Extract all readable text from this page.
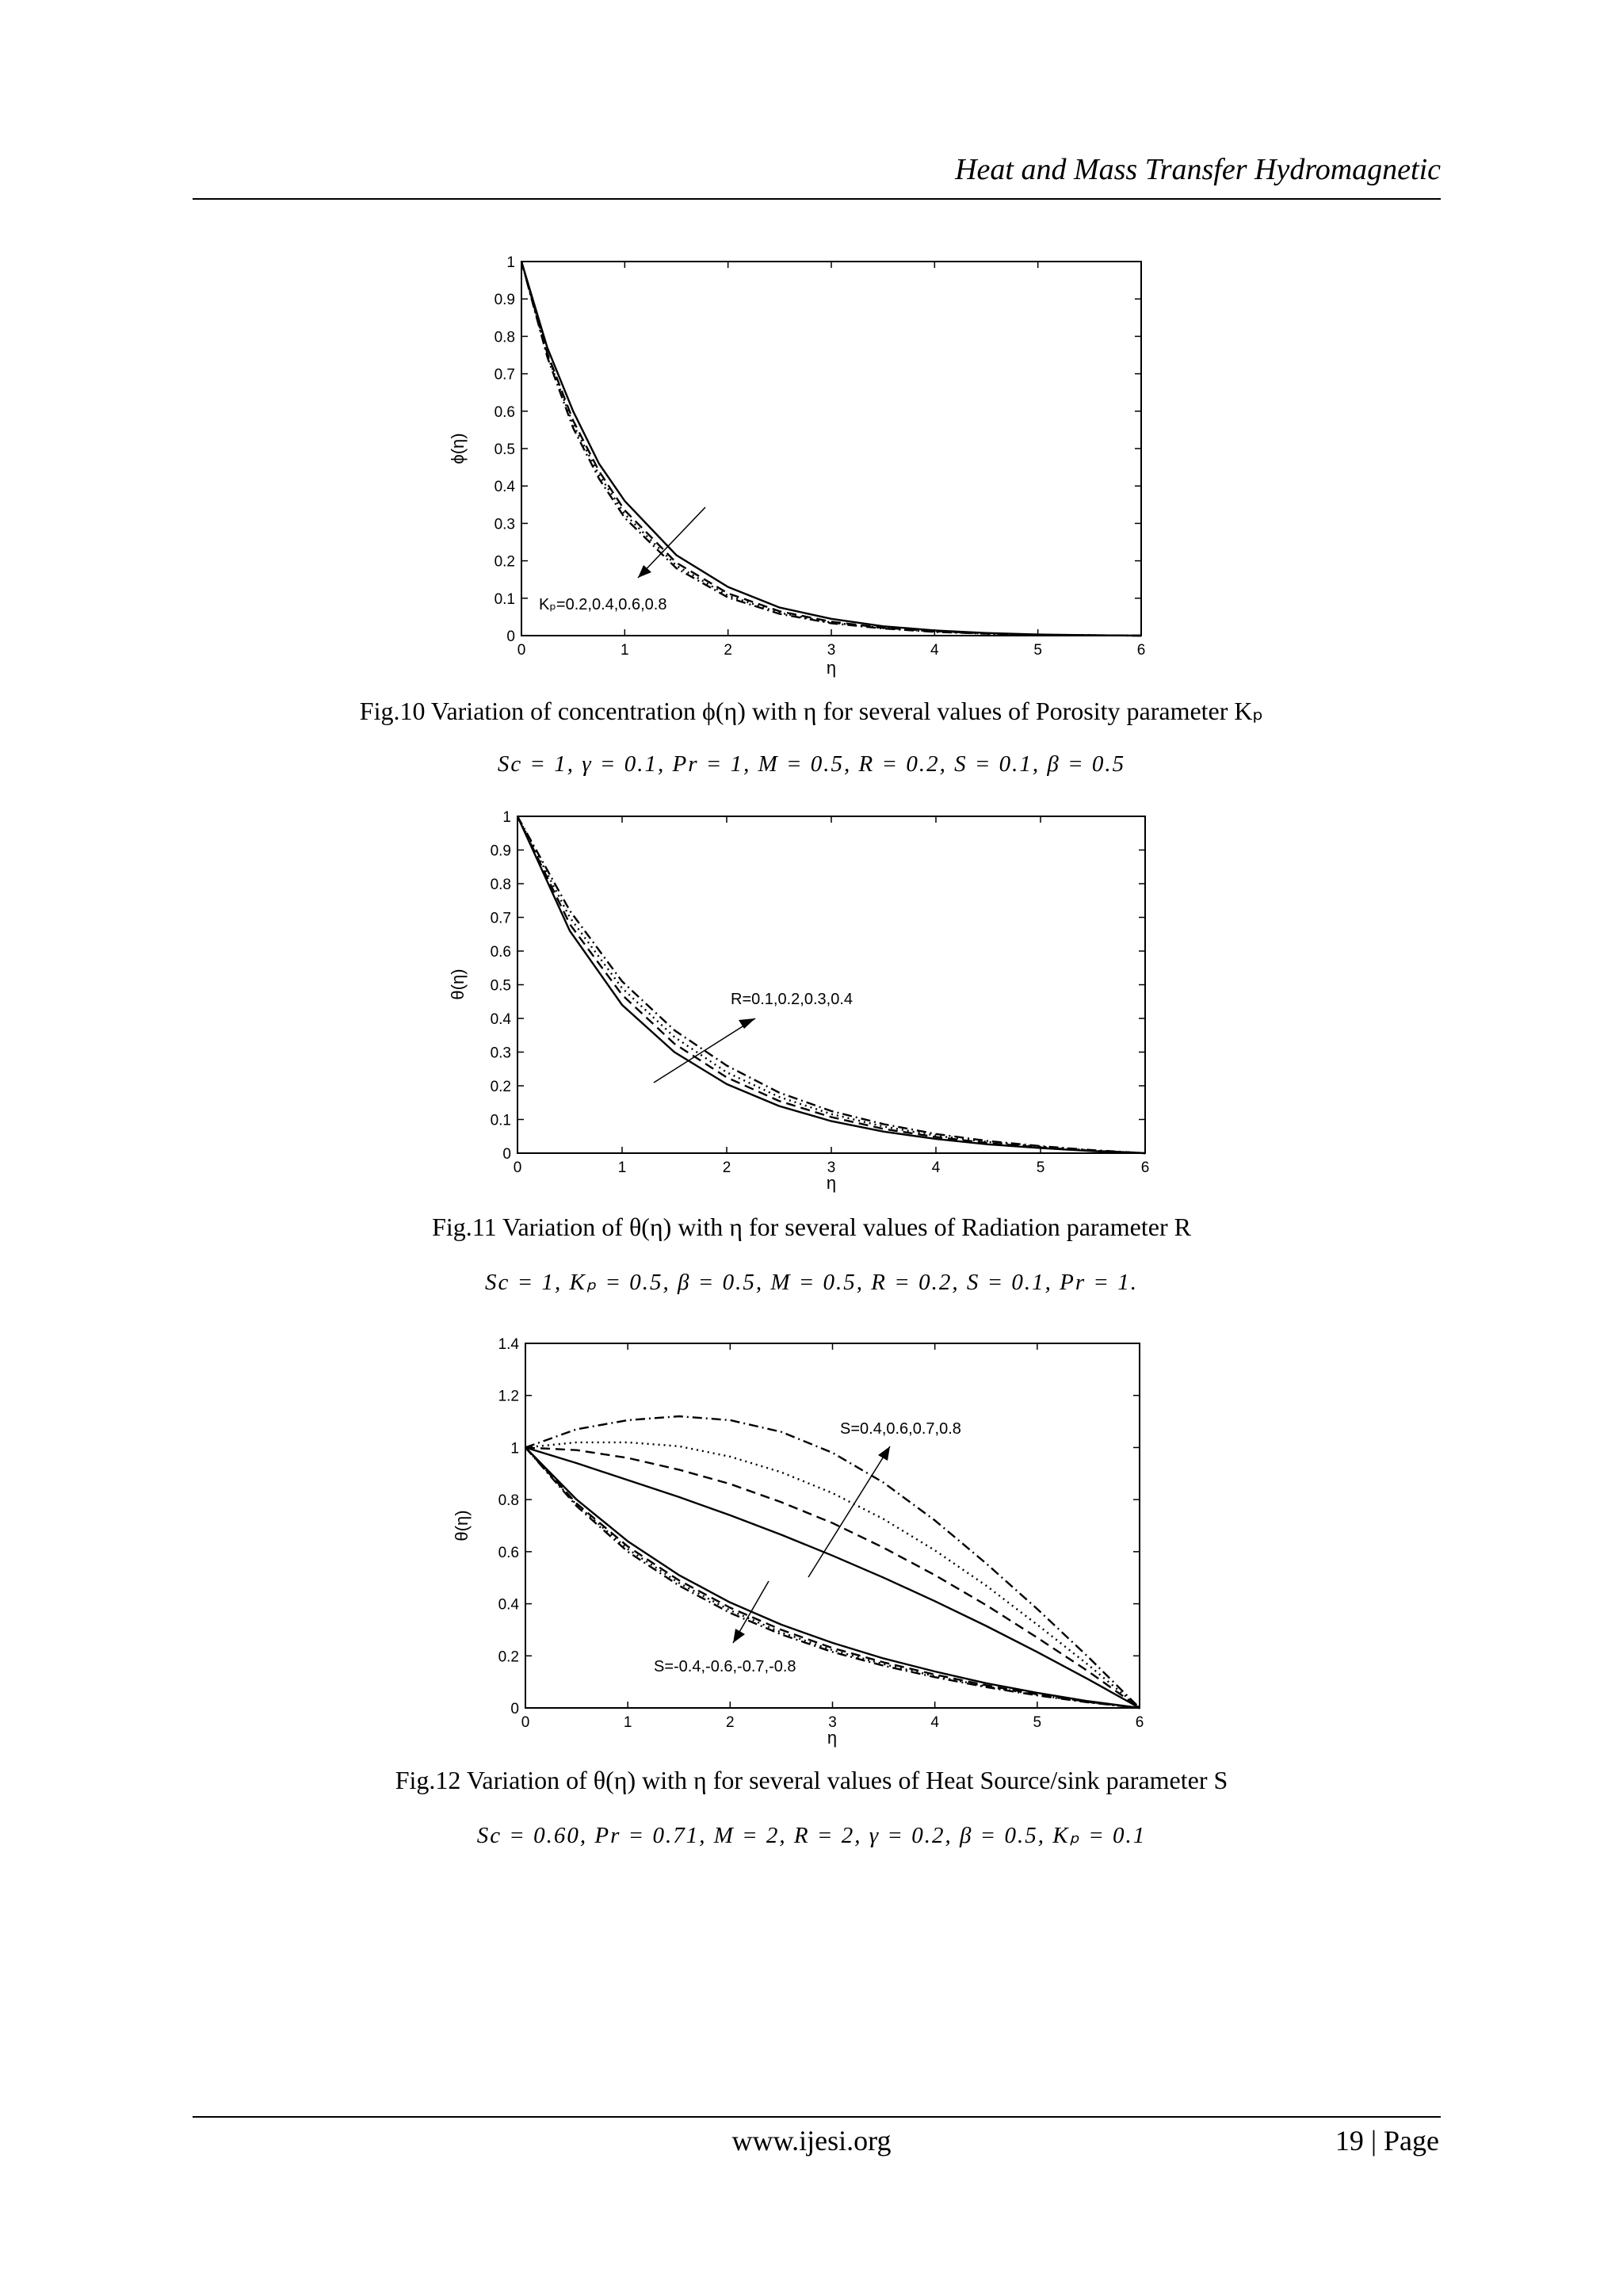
Heat and Mass Transfer Hydromagnetic
0	1	2	3	4	5	6
0
0.1
0.2
0.3
0.4
0.5
0.6
0.7
0.8
0.9
1
ϕ(η)
η
Kₚ=0.2,0.4,0.6,0.8
Fig.10 Variation of concentration ϕ(η) with η for several values of Porosity parameter Kₚ
Sc = 1, γ = 0.1, Pr = 1, M = 0.5, R = 0.2, S = 0.1, β = 0.5
0	1	2	3	4	5	6
0
0.1
0.2
0.3
0.4
0.5
0.6
0.7
0.8
0.9
1
θ(η)
η
R=0.1,0.2,0.3,0.4
Fig.11 Variation of θ(η) with η for several values of Radiation parameter R
Sc = 1, Kₚ = 0.5, β = 0.5, M = 0.5, R = 0.2, S = 0.1, Pr = 1.
0	1	2	3	4	5	6
0
0.2
0.4
0.6
0.8
1
1.2
1.4
θ(η)
η
S=0.4,0.6,0.7,0.8
S=-0.4,-0.6,-0.7,-0.8
Fig.12 Variation of θ(η) with η for several values of Heat Source/sink parameter S
Sc = 0.60, Pr = 0.71, M = 2, R = 2, γ = 0.2, β = 0.5, Kₚ = 0.1
www.ijesi.org	19 | Page
